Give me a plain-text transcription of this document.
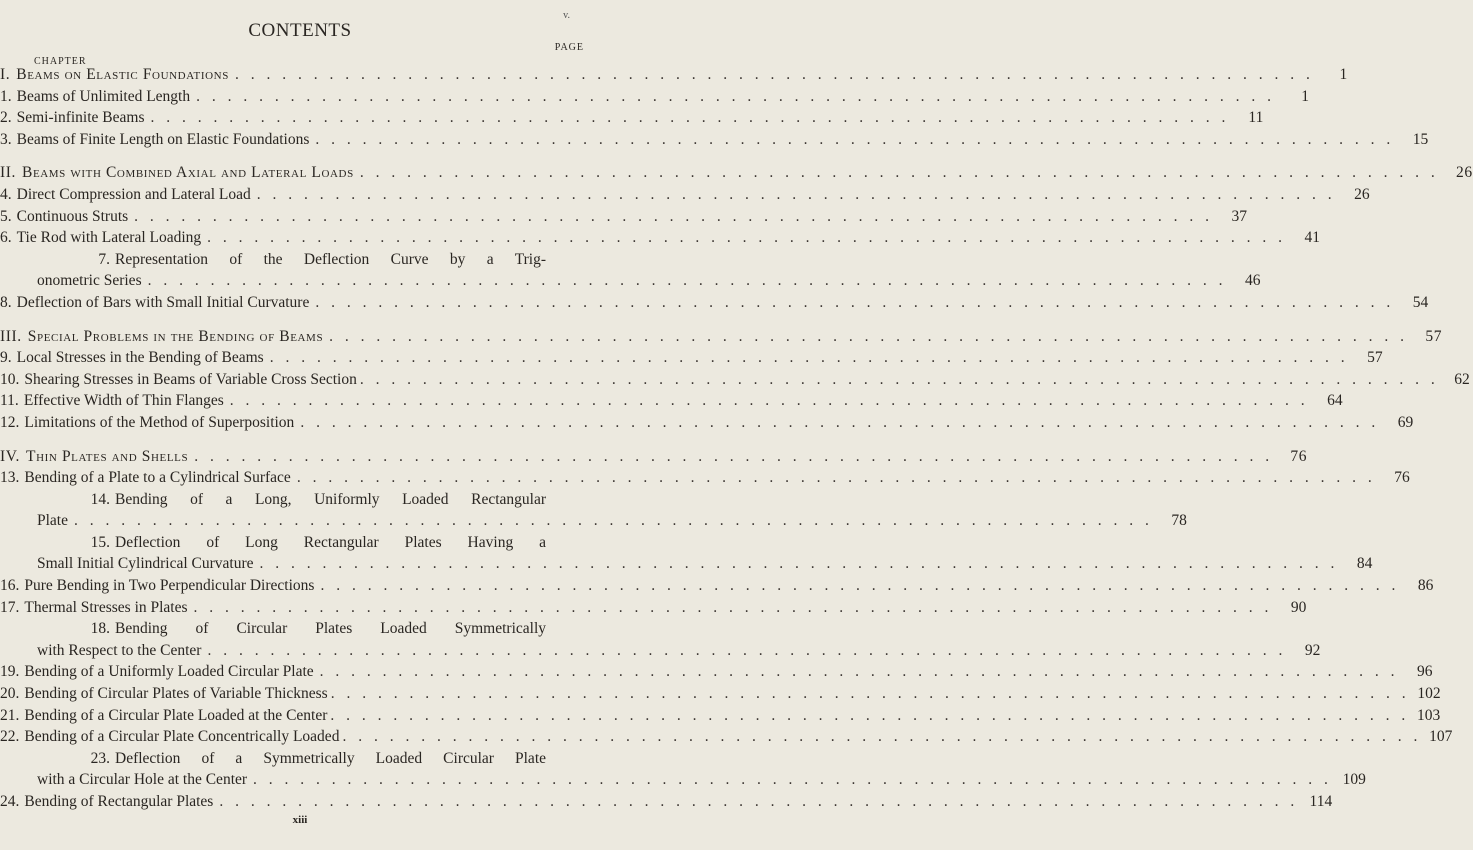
CONTENTS
v.
PAGE
CHAPTER
I. Beams on Elastic Foundations . . .	1
1. Beams of Unlimited Length . . .	1
2. Semi-infinite Beams . . .	11
3. Beams of Finite Length on Elastic Foundations . . .	15
II. Beams with Combined Axial and Lateral Loads . . .	26
4. Direct Compression and Lateral Load . . .	26
5. Continuous Struts . . .	37
6. Tie Rod with Lateral Loading . . .	41
7. Representation of the Deflection Curve by a Trig-
onometric Series . . .	46
8. Deflection of Bars with Small Initial Curvature . . .	54
III. Special Problems in the Bending of Beams . . .	57
9. Local Stresses in the Bending of Beams . . .	57
10. Shearing Stresses in Beams of Variable Cross Section . . .	62
11. Effective Width of Thin Flanges . . .	64
12. Limitations of the Method of Superposition . . .	69
IV. Thin Plates and Shells . . .	76
13. Bending of a Plate to a Cylindrical Surface . . .	76
14. Bending of a Long, Uniformly Loaded Rectangular
Plate . . .	78
15. Deflection of Long Rectangular Plates Having a
Small Initial Cylindrical Curvature . . .	84
16. Pure Bending in Two Perpendicular Directions . . .	86
17. Thermal Stresses in Plates . . .	90
18. Bending of Circular Plates Loaded Symmetrically
with Respect to the Center . . .	92
19. Bending of a Uniformly Loaded Circular Plate . . .	96
20. Bending of Circular Plates of Variable Thickness . . .	102
21. Bending of a Circular Plate Loaded at the Center . . .	103
22. Bending of a Circular Plate Concentrically Loaded . . .	107
23. Deflection of a Symmetrically Loaded Circular Plate
with a Circular Hole at the Center . . .	109
24. Bending of Rectangular Plates . . .	114
xiii
